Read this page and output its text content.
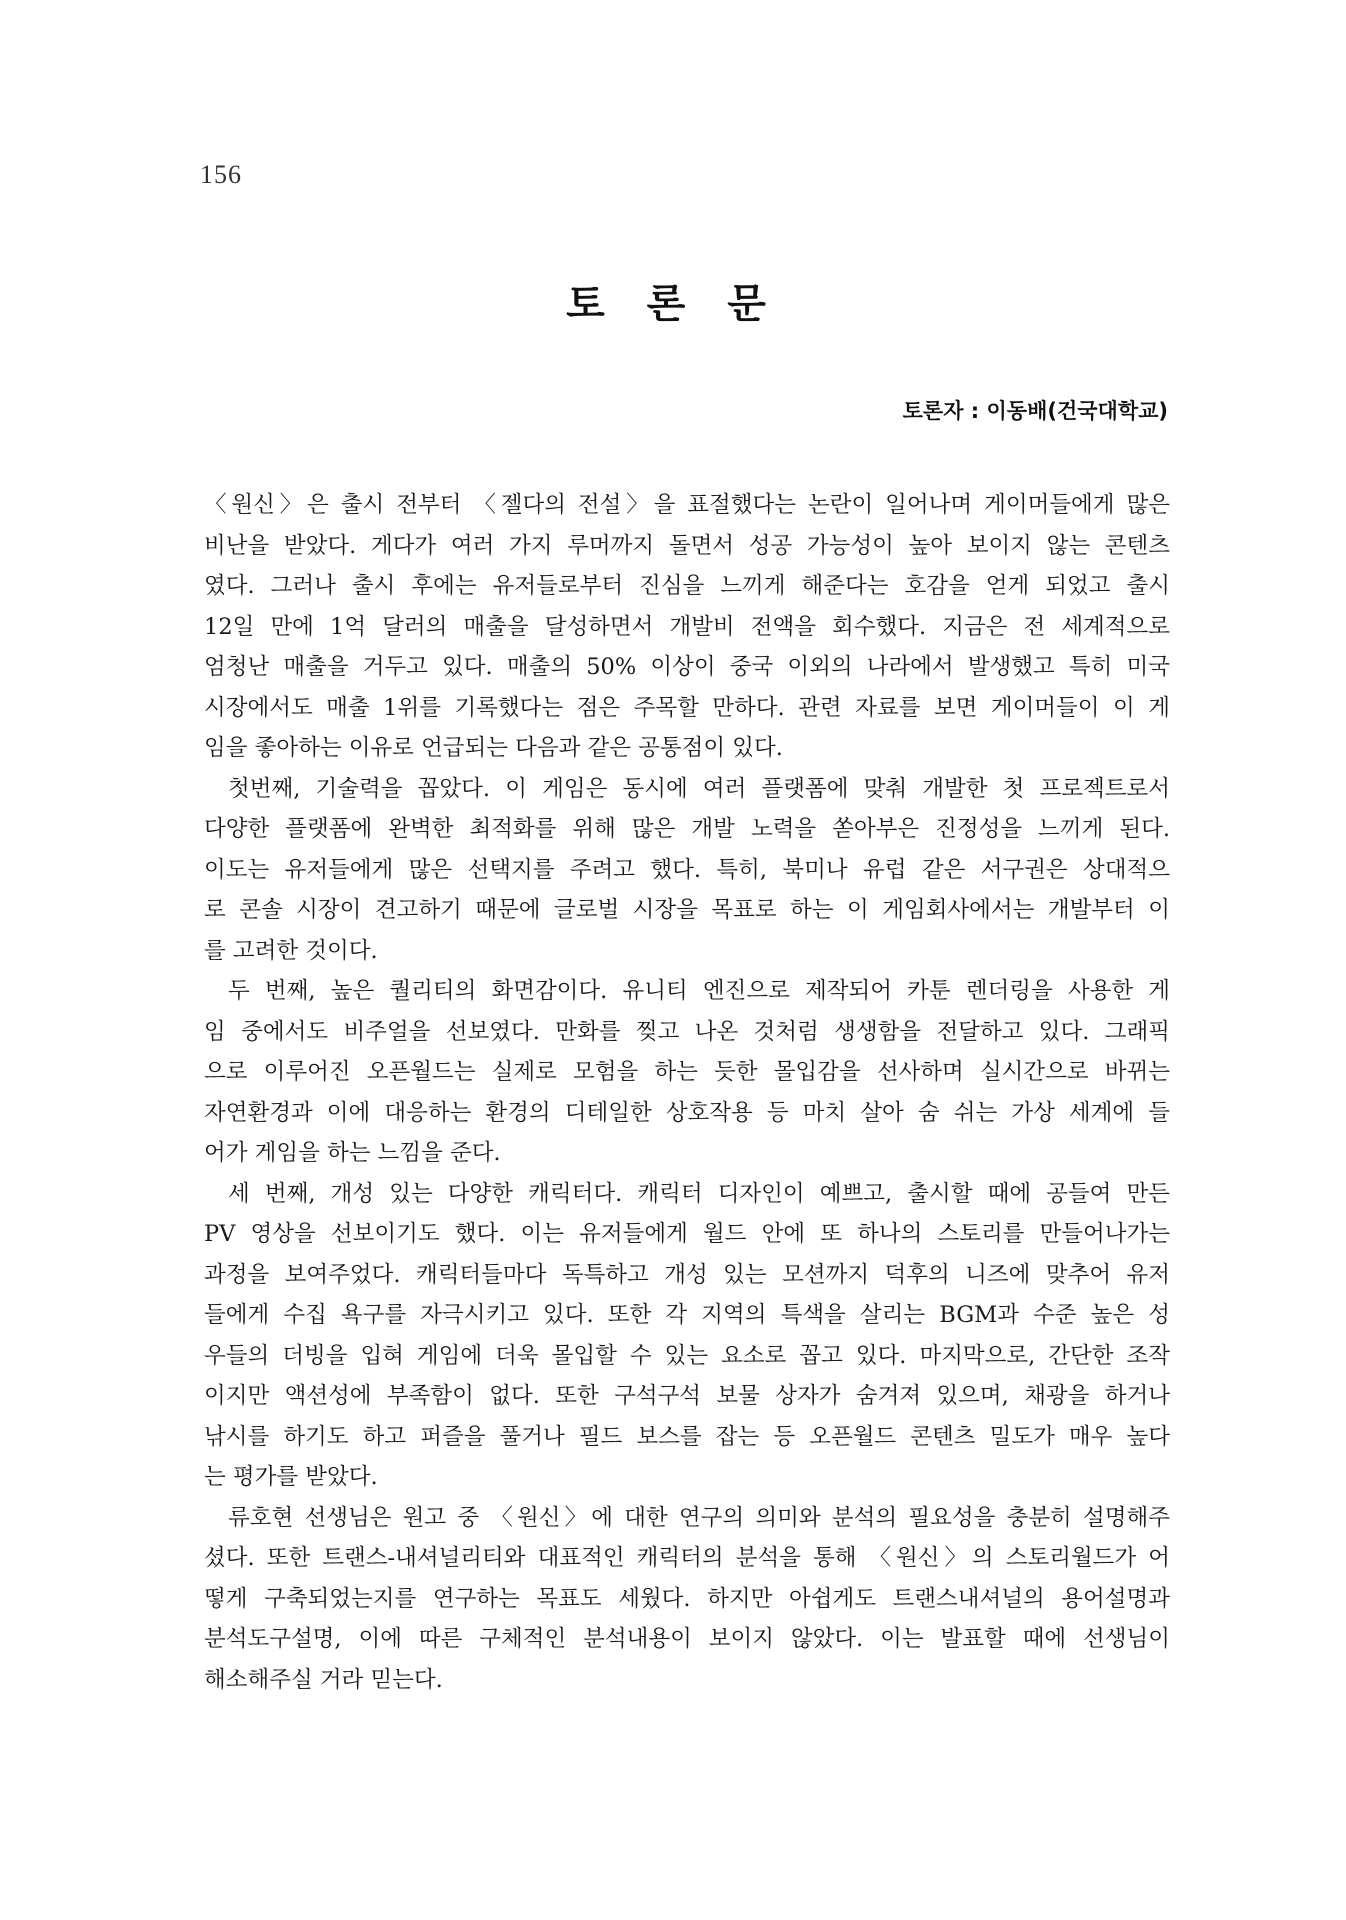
156
토 론 문
토론자 : 이동배(건국대학교)
〈원신〉은 출시 전부터 〈젤다의 전설〉을 표절했다는 논란이 일어나며 게이머들에게 많은
비난을 받았다. 게다가 여러 가지 루머까지 돌면서 성공 가능성이 높아 보이지 않는 콘텐츠
였다. 그러나 출시 후에는 유저들로부터 진심을 느끼게 해준다는 호감을 얻게 되었고 출시
12일 만에 1억 달러의 매출을 달성하면서 개발비 전액을 회수했다. 지금은 전 세계적으로
엄청난 매출을 거두고 있다. 매출의 50% 이상이 중국 이외의 나라에서 발생했고 특히 미국
시장에서도 매출 1위를 기록했다는 점은 주목할 만하다. 관련 자료를 보면 게이머들이 이 게
임을 좋아하는 이유로 언급되는 다음과 같은 공통점이 있다.
첫번째, 기술력을 꼽았다. 이 게임은 동시에 여러 플랫폼에 맞춰 개발한 첫 프로젝트로서
다양한 플랫폼에 완벽한 최적화를 위해 많은 개발 노력을 쏟아부은 진정성을 느끼게 된다.
이도는 유저들에게 많은 선택지를 주려고 했다. 특히, 북미나 유럽 같은 서구권은 상대적으
로 콘솔 시장이 견고하기 때문에 글로벌 시장을 목표로 하는 이 게임회사에서는 개발부터 이
를 고려한 것이다.
두 번째, 높은 퀄리티의 화면감이다. 유니티 엔진으로 제작되어 카툰 렌더링을 사용한 게
임 중에서도 비주얼을 선보였다. 만화를 찢고 나온 것처럼 생생함을 전달하고 있다. 그래픽
으로 이루어진 오픈월드는 실제로 모험을 하는 듯한 몰입감을 선사하며 실시간으로 바뀌는
자연환경과 이에 대응하는 환경의 디테일한 상호작용 등 마치 살아 숨 쉬는 가상 세계에 들
어가 게임을 하는 느낌을 준다.
세 번째, 개성 있는 다양한 캐릭터다. 캐릭터 디자인이 예쁘고, 출시할 때에 공들여 만든
PV 영상을 선보이기도 했다. 이는 유저들에게 월드 안에 또 하나의 스토리를 만들어나가는
과정을 보여주었다. 캐릭터들마다 독특하고 개성 있는 모션까지 덕후의 니즈에 맞추어 유저
들에게 수집 욕구를 자극시키고 있다. 또한 각 지역의 특색을 살리는 BGM과 수준 높은 성
우들의 더빙을 입혀 게임에 더욱 몰입할 수 있는 요소로 꼽고 있다. 마지막으로, 간단한 조작
이지만 액션성에 부족함이 없다. 또한 구석구석 보물 상자가 숨겨져 있으며, 채광을 하거나
낚시를 하기도 하고 퍼즐을 풀거나 필드 보스를 잡는 등 오픈월드 콘텐츠 밀도가 매우 높다
는 평가를 받았다.
류호현 선생님은 원고 중 〈원신〉에 대한 연구의 의미와 분석의 필요성을 충분히 설명해주
셨다. 또한 트랜스-내셔널리티와 대표적인 캐릭터의 분석을 통해 〈원신〉의 스토리월드가 어
떻게 구축되었는지를 연구하는 목표도 세웠다. 하지만 아쉽게도 트랜스내셔널의 용어설명과
분석도구설명, 이에 따른 구체적인 분석내용이 보이지 않았다. 이는 발표할 때에 선생님이
해소해주실 거라 믿는다.
